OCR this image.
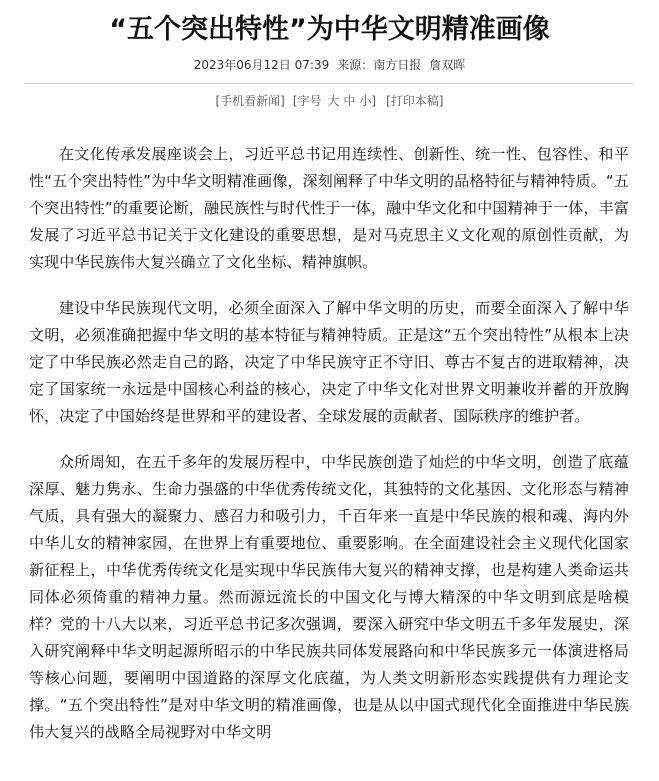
“五个突出特性”为中华文明精准画像
2023年06月12日 07:39 来源：南方日报 詹双晖
[手机看新闻] [字号 大 中 小] [打印本稿]

在文化传承发展座谈会上，习近平总书记用连续性、创新性、统一性、包容性、和平性“五个突出特性”为中华文明精准画像，深刻阐释了中华文明的品格特征与精神特质。“五个突出特性”的重要论断，融民族性与时代性于一体，融中华文化和中国精神于一体，丰富发展了习近平总书记关于文化建设的重要思想，是对马克思主义文化观的原创性贡献，为实现中华民族伟大复兴确立了文化坐标、精神旗帜。

建设中华民族现代文明，必须全面深入了解中华文明的历史，而要全面深入了解中华文明，必须准确把握中华文明的基本特征与精神特质。正是这“五个突出特性”从根本上决定了中华民族必然走自己的路，决定了中华民族守正不守旧、尊古不复古的进取精神，决定了国家统一永远是中国核心利益的核心，决定了中华文化对世界文明兼收并蓄的开放胸怀，决定了中国始终是世界和平的建设者、全球发展的贡献者、国际秩序的维护者。

众所周知，在五千多年的发展历程中，中华民族创造了灿烂的中华文明，创造了底蕴深厚、魅力隽永、生命力强盛的中华优秀传统文化，其独特的文化基因、文化形态与精神气质，具有强大的凝聚力、感召力和吸引力，千百年来一直是中华民族的根和魂、海内外中华儿女的精神家园，在世界上有重要地位、重要影响。在全面建设社会主义现代化国家新征程上，中华优秀传统文化是实现中华民族伟大复兴的精神支撑，也是构建人类命运共同体必须倚重的精神力量。然而源远流长的中国文化与博大精深的中华文明到底是啥模样？党的十八大以来，习近平总书记多次强调，要深入研究中华文明五千多年发展史，深入研究阐释中华文明起源所昭示的中华民族共同体发展路向和中华民族多元一体演进格局等核心问题，要阐明中国道路的深厚文化底蕴，为人类文明新形态实践提供有力理论支撑。“五个突出特性”是对中华文明的精准画像，也是从以中国式现代化全面推进中华民族伟大复兴的战略全局视野对中华文明
